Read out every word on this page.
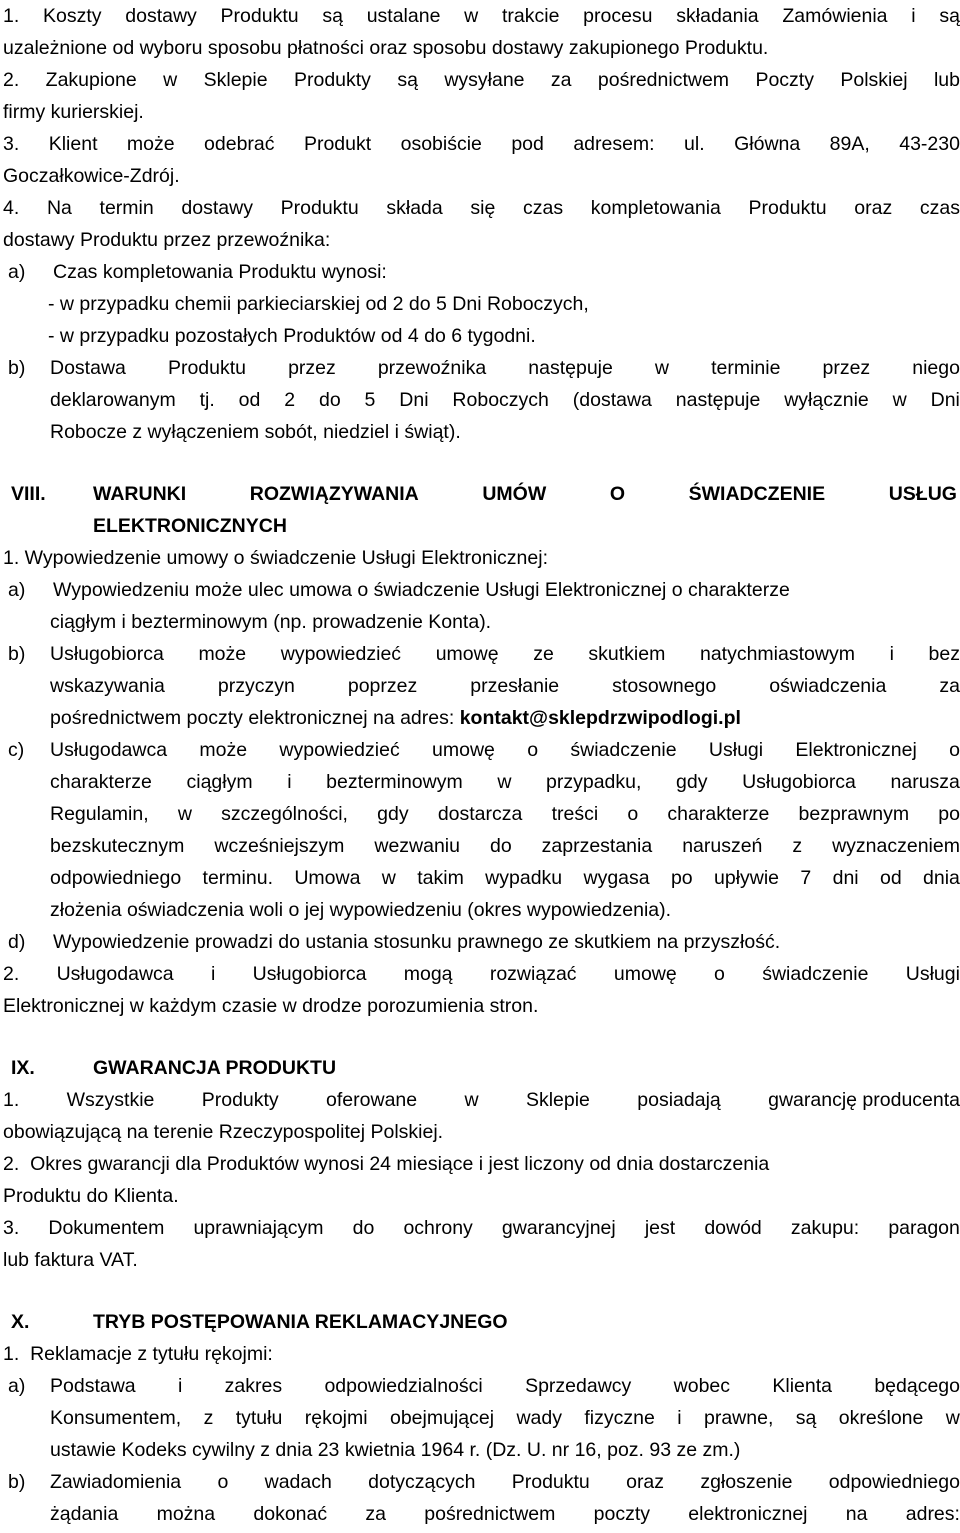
1. Koszty dostawy Produktu są ustalane w trakcie procesu składania Zamówienia i są
uzależnione od wyboru sposobu płatności oraz sposobu dostawy zakupionego Produktu.
2. Zakupione w Sklepie Produkty są wysyłane za pośrednictwem Poczty Polskiej lub
firmy kurierskiej.
3. Klient może odebrać Produkt osobiście pod adresem: ul. Główna 89A, 43-230
Goczałkowice-Zdrój.
4. Na termin dostawy Produktu składa się czas kompletowania Produktu oraz czas
dostawy Produktu przez przewoźnika:
a) Czas kompletowania Produktu wynosi:
- w przypadku chemii parkieciarskiej od 2 do 5 Dni Roboczych,
- w przypadku pozostałych Produktów od 4 do 6 tygodni.
b) Dostawa Produktu przez przewoźnika następuje w terminie przez niego
deklarowanym tj. od 2 do 5 Dni Roboczych (dostawa następuje wyłącznie w Dni
Robocze z wyłączeniem sobót, niedziel i świąt).
VIII. WARUNKI	ROZWIĄZYWANIA	UMÓW	O	ŚWIADCZENIE	USŁUG
ELEKTRONICZNYCH
1. Wypowiedzenie umowy o świadczenie Usługi Elektronicznej:
a) Wypowiedzeniu może ulec umowa o świadczenie Usługi Elektronicznej o charakterze
ciągłym i bezterminowym (np. prowadzenie Konta).
b) Usługobiorca może wypowiedzieć umowę ze skutkiem natychmiastowym i bez
wskazywania	przyczyn	poprzez	przesłanie	stosownego	oświadczenia	za
pośrednictwem poczty elektronicznej na adres: kontakt@sklepdrzwipodlogi.pl
c) Usługodawca może wypowiedzieć umowę o świadczenie Usługi Elektronicznej o
charakterze ciągłym i bezterminowym w przypadku, gdy Usługobiorca narusza
Regulamin, w szczególności, gdy dostarcza treści o charakterze bezprawnym po
bezskutecznym wcześniejszym wezwaniu do zaprzestania naruszeń z wyznaczeniem
odpowiedniego terminu. Umowa w takim wypadku wygasa po upływie 7 dni od dnia
złożenia oświadczenia woli o jej wypowiedzeniu (okres wypowiedzenia).
d) Wypowiedzenie prowadzi do ustania stosunku prawnego ze skutkiem na przyszłość.
2. Usługodawca i Usługobiorca mogą rozwiązać umowę o świadczenie Usługi
Elektronicznej w każdym czasie w drodze porozumienia stron.
IX.	GWARANCJA PRODUKTU
1. Wszystkie Produkty oferowane w Sklepie posiadają gwarancję producenta
obowiązującą na terenie Rzeczypospolitej Polskiej.
2.  Okres gwarancji dla Produktów wynosi 24 miesiące i jest liczony od dnia dostarczenia
Produktu do Klienta.
3. Dokumentem uprawniającym do ochrony gwarancyjnej jest dowód zakupu: paragon
lub faktura VAT.
X.	TRYB POSTĘPOWANIA REKLAMACYJNEGO
1.  Reklamacje z tytułu rękojmi:
a) Podstawa i zakres odpowiedzialności Sprzedawcy wobec Klienta będącego
Konsumentem, z tytułu rękojmi obejmującej wady fizyczne i prawne, są określone w
ustawie Kodeks cywilny z dnia 23 kwietnia 1964 r. (Dz. U. nr 16, poz. 93 ze zm.)
b) Zawiadomienia o wadach dotyczących Produktu oraz zgłoszenie odpowiedniego
żądania można dokonać za pośrednictwem poczty elektronicznej na adres:
